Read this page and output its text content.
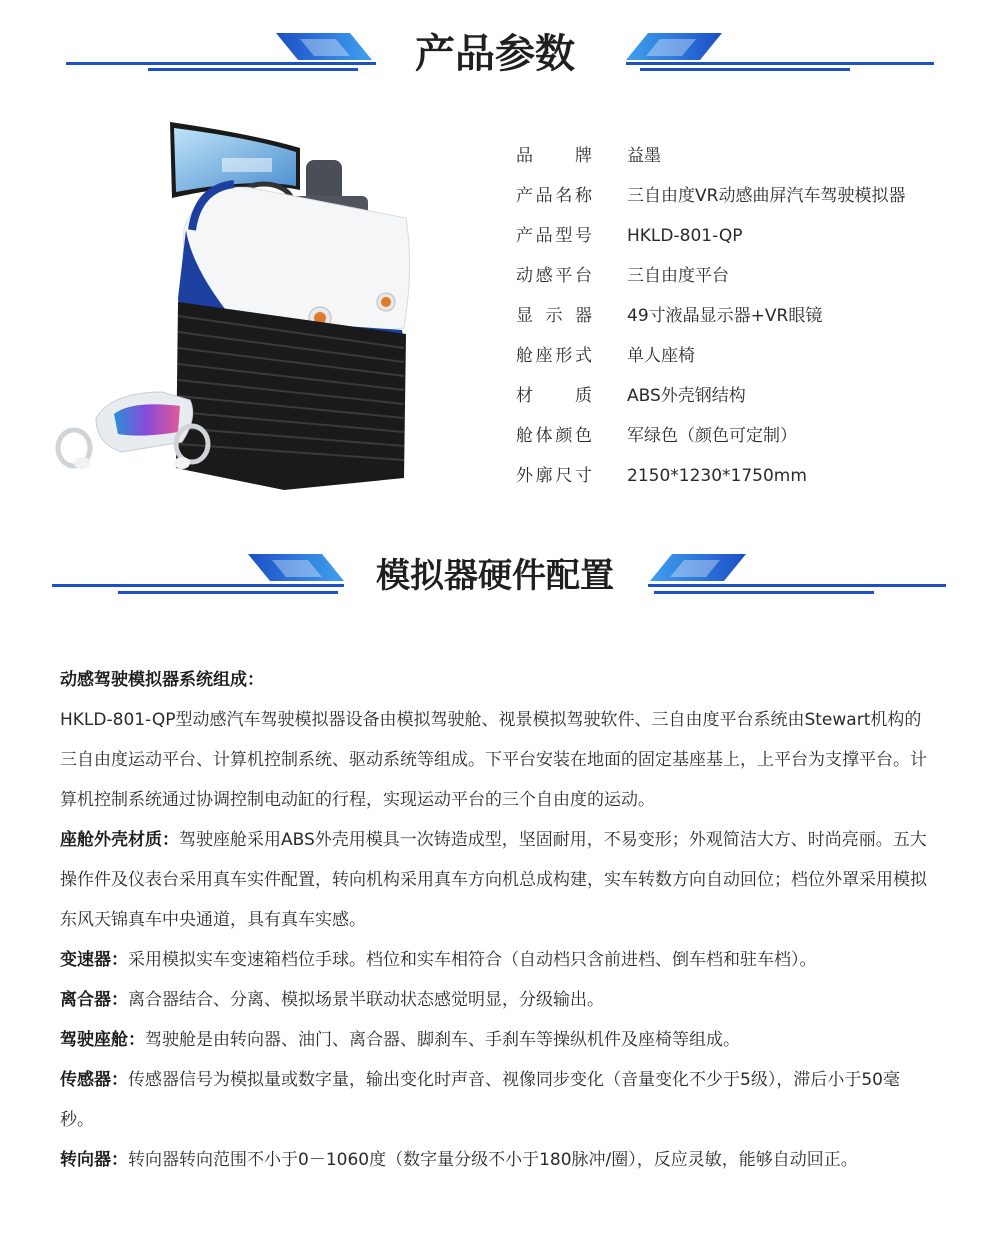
产品参数
品牌 益墨
产品名称 三自由度VR动感曲屏汽车驾驶模拟器
产品型号 HKLD-801-QP
动感平台 三自由度平台
显示器 49寸液晶显示器+VR眼镜
舱座形式 单人座椅
材质 ABS外壳钢结构
舱体颜色 军绿色（颜色可定制）
外廓尺寸 2150*1230*1750mm
模拟器硬件配置

动感驾驶模拟器系统组成：

HKLD-801-QP型动感汽车驾驶模拟器设备由模拟驾驶舱、视景模拟驾驶软件、三自由度平台系统由Stewart机构的三自由度运动平台、计算机控制系统、驱动系统等组成。下平台安装在地面的固定基座基上，上平台为支撑平台。计算机控制系统通过协调控制电动缸的行程，实现运动平台的三个自由度的运动。

座舱外壳材质：驾驶座舱采用ABS外壳用模具一次铸造成型，坚固耐用，不易变形；外观简洁大方、时尚亮丽。五大操作件及仪表台采用真车实件配置，转向机构采用真车方向机总成构建，实车转数方向自动回位；档位外罩采用模拟东风天锦真车中央通道，具有真车实感。

变速器：采用模拟实车变速箱档位手球。档位和实车相符合（自动档只含前进档、倒车档和驻车档）。

离合器：离合器结合、分离、模拟场景半联动状态感觉明显，分级输出。

驾驶座舱：驾驶舱是由转向器、油门、离合器、脚刹车、手刹车等操纵机件及座椅等组成。

传感器：传感器信号为模拟量或数字量，输出变化时声音、视像同步变化（音量变化不少于5级），滞后小于50毫秒。

转向器：转向器转向范围不小于0－1060度（数字量分级不小于180脉冲/圈），反应灵敏，能够自动回正。
